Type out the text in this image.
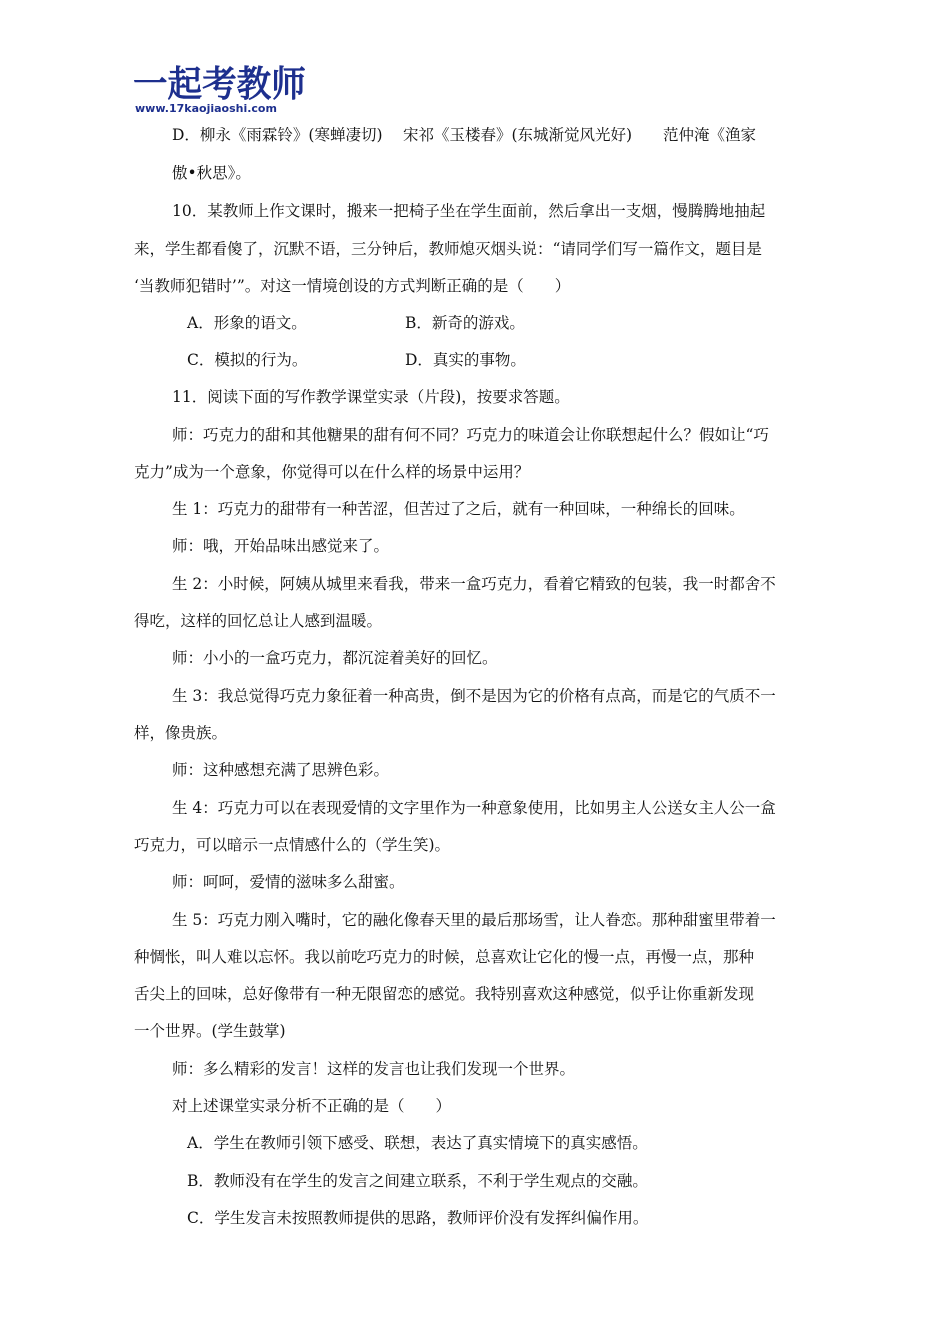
一起考教师
www.17kaojiaoshi.com
D．柳永《雨霖铃》(寒蝉凄切)　 宋祁《玉楼春》(东城渐觉风光好)　　范仲淹《渔家
傲•秋思》。
10．某教师上作文课时，搬来一把椅子坐在学生面前，然后拿出一支烟，慢腾腾地抽起
来，学生都看傻了，沉默不语，三分钟后，教师熄灭烟头说：“请同学们写一篇作文，题目是
‘当教师犯错时’”。对这一情境创设的方式判断正确的是（　　）
A．形象的语文。	B．新奇的游戏。
C．模拟的行为。	D．真实的事物。
11．阅读下面的写作教学课堂实录（片段)，按要求答题。
师：巧克力的甜和其他糖果的甜有何不同？巧克力的味道会让你联想起什么？假如让“巧
克力”成为一个意象，你觉得可以在什么样的场景中运用？
生 1：巧克力的甜带有一种苦涩，但苦过了之后，就有一种回味，一种绵长的回味。
师：哦，开始品味出感觉来了。
生 2：小时候，阿姨从城里来看我，带来一盒巧克力，看着它精致的包装，我一时都舍不
得吃，这样的回忆总让人感到温暖。
师：小小的一盒巧克力，都沉淀着美好的回忆。
生 3：我总觉得巧克力象征着一种高贵，倒不是因为它的价格有点高，而是它的气质不一
样，像贵族。
师：这种感想充满了思辨色彩。
生 4：巧克力可以在表现爱情的文字里作为一种意象使用，比如男主人公送女主人公一盒
巧克力，可以暗示一点情感什么的（学生笑)。
师：呵呵，爱情的滋味多么甜蜜。
生 5：巧克力刚入嘴时，它的融化像春天里的最后那场雪，让人眷恋。那种甜蜜里带着一
种惆怅，叫人难以忘怀。我以前吃巧克力的时候，总喜欢让它化的慢一点，再慢一点，那种
舌尖上的回味，总好像带有一种无限留恋的感觉。我特别喜欢这种感觉，似乎让你重新发现
一个世界。(学生鼓掌)
师：多么精彩的发言！这样的发言也让我们发现一个世界。
对上述课堂实录分析不正确的是（　　）
A．学生在教师引领下感受、联想，表达了真实情境下的真实感悟。
B．教师没有在学生的发言之间建立联系，不利于学生观点的交融。
C．学生发言未按照教师提供的思路，教师评价没有发挥纠偏作用。
